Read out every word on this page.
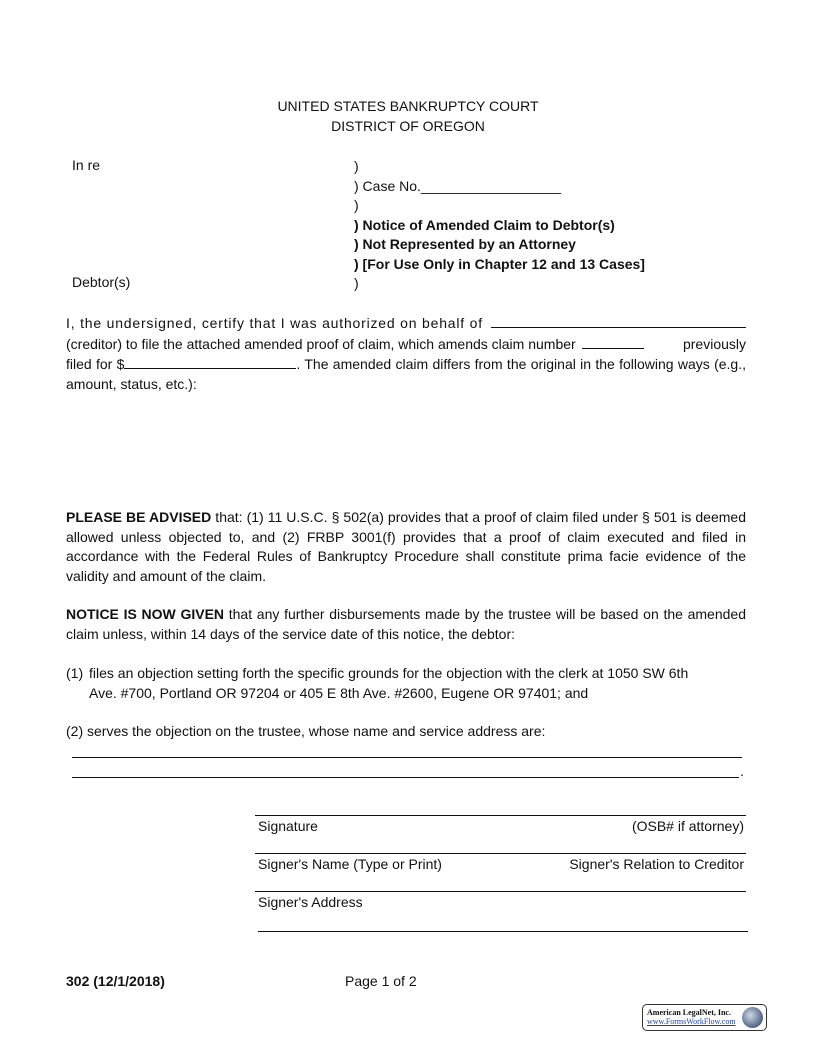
UNITED STATES BANKRUPTCY COURT
DISTRICT OF OREGON
In re
Debtor(s)
)
) Case No.__________________
)
) Notice of Amended Claim to Debtor(s)
) Not Represented by an Attorney
) [For Use Only in Chapter 12 and 13 Cases]
)
I, the undersigned, certify that I was authorized on behalf of
(creditor) to file the attached amended proof of claim, which amends claim number	previously
filed for $	. The amended claim differs from the original in the following ways (e.g., amount, status, etc.):
PLEASE BE ADVISED that: (1) 11 U.S.C. § 502(a) provides that a proof of claim filed under § 501 is deemed allowed unless objected to, and (2) FRBP 3001(f) provides that a proof of claim executed and filed in accordance with the Federal Rules of Bankruptcy Procedure shall constitute prima facie evidence of the validity and amount of the claim.
NOTICE IS NOW GIVEN that any further disbursements made by the trustee will be based on the amended claim unless, within 14 days of the service date of this notice, the debtor:
(1) files an objection setting forth the specific grounds for the objection with the clerk at 1050 SW 6th
Ave. #700, Portland OR 97204 or 405 E 8th Ave. #2600, Eugene OR 97401; and
(2) serves the objection on the trustee, whose name and service address are:
.
Signature	(OSB# if attorney)
Signer's Name (Type or Print)	Signer's Relation to Creditor
Signer's Address
302 (12/1/2018)	Page 1 of 2
American LegalNet, Inc.
www.FormsWorkFlow.com
